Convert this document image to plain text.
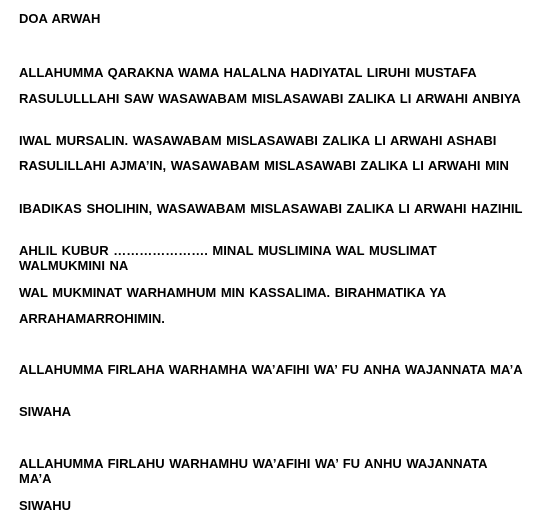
DOA ARWAH

ALLAHUMMA QARAKNA WAMA HALALNA HADIYATAL LIRUHI MUSTAFA

RASULULLLAHI SAW WASAWABAM MISLASAWABI ZALIKA LI ARWAHI ANBIYA

IWAL MURSALIN. WASAWABAM MISLASAWABI ZALIKA LI ARWAHI ASHABI

RASULILLAHI AJMA’IN, WASAWABAM MISLASAWABI ZALIKA LI ARWAHI MIN

IBADIKAS SHOLIHIN, WASAWABAM MISLASAWABI ZALIKA LI ARWAHI HAZIHIL

AHLIL KUBUR …………………. MINAL MUSLIMINA WAL MUSLIMAT WALMUKMINI NA

WAL MUKMINAT WARHAMHUM MIN KASSALIMA. BIRAHMATIKA YA

ARRAHAMARROHIMIN.

ALLAHUMMA FIRLAHA WARHAMHA WA’AFIHI WA’ FU ANHA WAJANNATA MA’A

SIWAHA

ALLAHUMMA FIRLAHU WARHAMHU WA’AFIHI WA’ FU ANHU WAJANNATA MA’A

SIWAHU
